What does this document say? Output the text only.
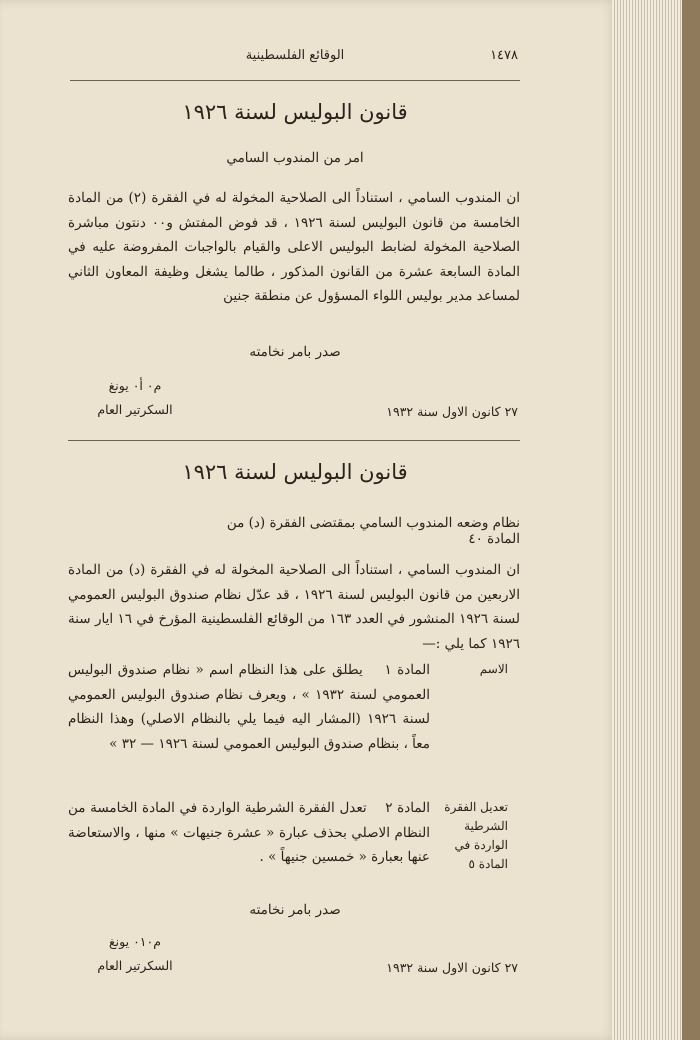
١٤٧٨
الوقائع الفلسطينية
قانون البوليس لسنة ١٩٢٦
امر من المندوب السامي
ان المندوب السامي ، استناداً الى الصلاحية المخولة له في الفقرة (٢) من المادة الخامسة من قانون البوليس لسنة ١٩٢٦ ، قد فوض المفتش و٠٠ دنتون مباشرة الصلاحية المخولة لضابط البوليس الاعلى والقيام بالواجبات المفروضة عليه في المادة السابعة عشرة من القانون المذكور ، طالما يشغل وظيفة المعاون الثاني لمساعد مدير بوليس اللواء المسؤول عن منطقة جنين
صدر بامر نخامته
م٠ أ٠ يونغ
السكرتير العام	٢٧ كانون الاول سنة ١٩٣٢
قانون البوليس لسنة ١٩٢٦
نظام وضعه المندوب السامي بمقتضى الفقرة (د) من المادة ٤٠
ان المندوب السامي ، استناداً الى الصلاحية المخولة له في الفقرة (د) من المادة الاربعين من قانون البوليس لسنة ١٩٢٦ ، قد عدّل نظام صندوق البوليس العمومي لسنة ١٩٢٦ المنشور في العدد ١٦٣ من الوقائع الفلسطينية المؤرخ في ١٦ ايار سنة ١٩٢٦ كما يلي :—
الاسم
المادة ١    يطلق على هذا النظام اسم « نظام صندوق البوليس العمومي لسنة ١٩٣٢ » ، ويعرف نظام صندوق البوليس العمومي لسنة ١٩٢٦ (المشار اليه فيما يلي بالنظام الاصلي) وهذا النظام معاً ، بنظام صندوق البوليس العمومي لسنة ١٩٢٦ — ٣٢ »
تعديل الفقرة الشرطية الواردة في المادة ٥
المادة ٢    تعدل الفقرة الشرطية الواردة في المادة الخامسة من النظام الاصلي بحذف عبارة « عشرة جنيهات » منها ، والاستعاضة عنها بعبارة « خمسين جنيهاً » .
صدر بامر نخامته
م٠١٠ يونغ
السكرتير العام	٢٧ كانون الاول سنة ١٩٣٢
